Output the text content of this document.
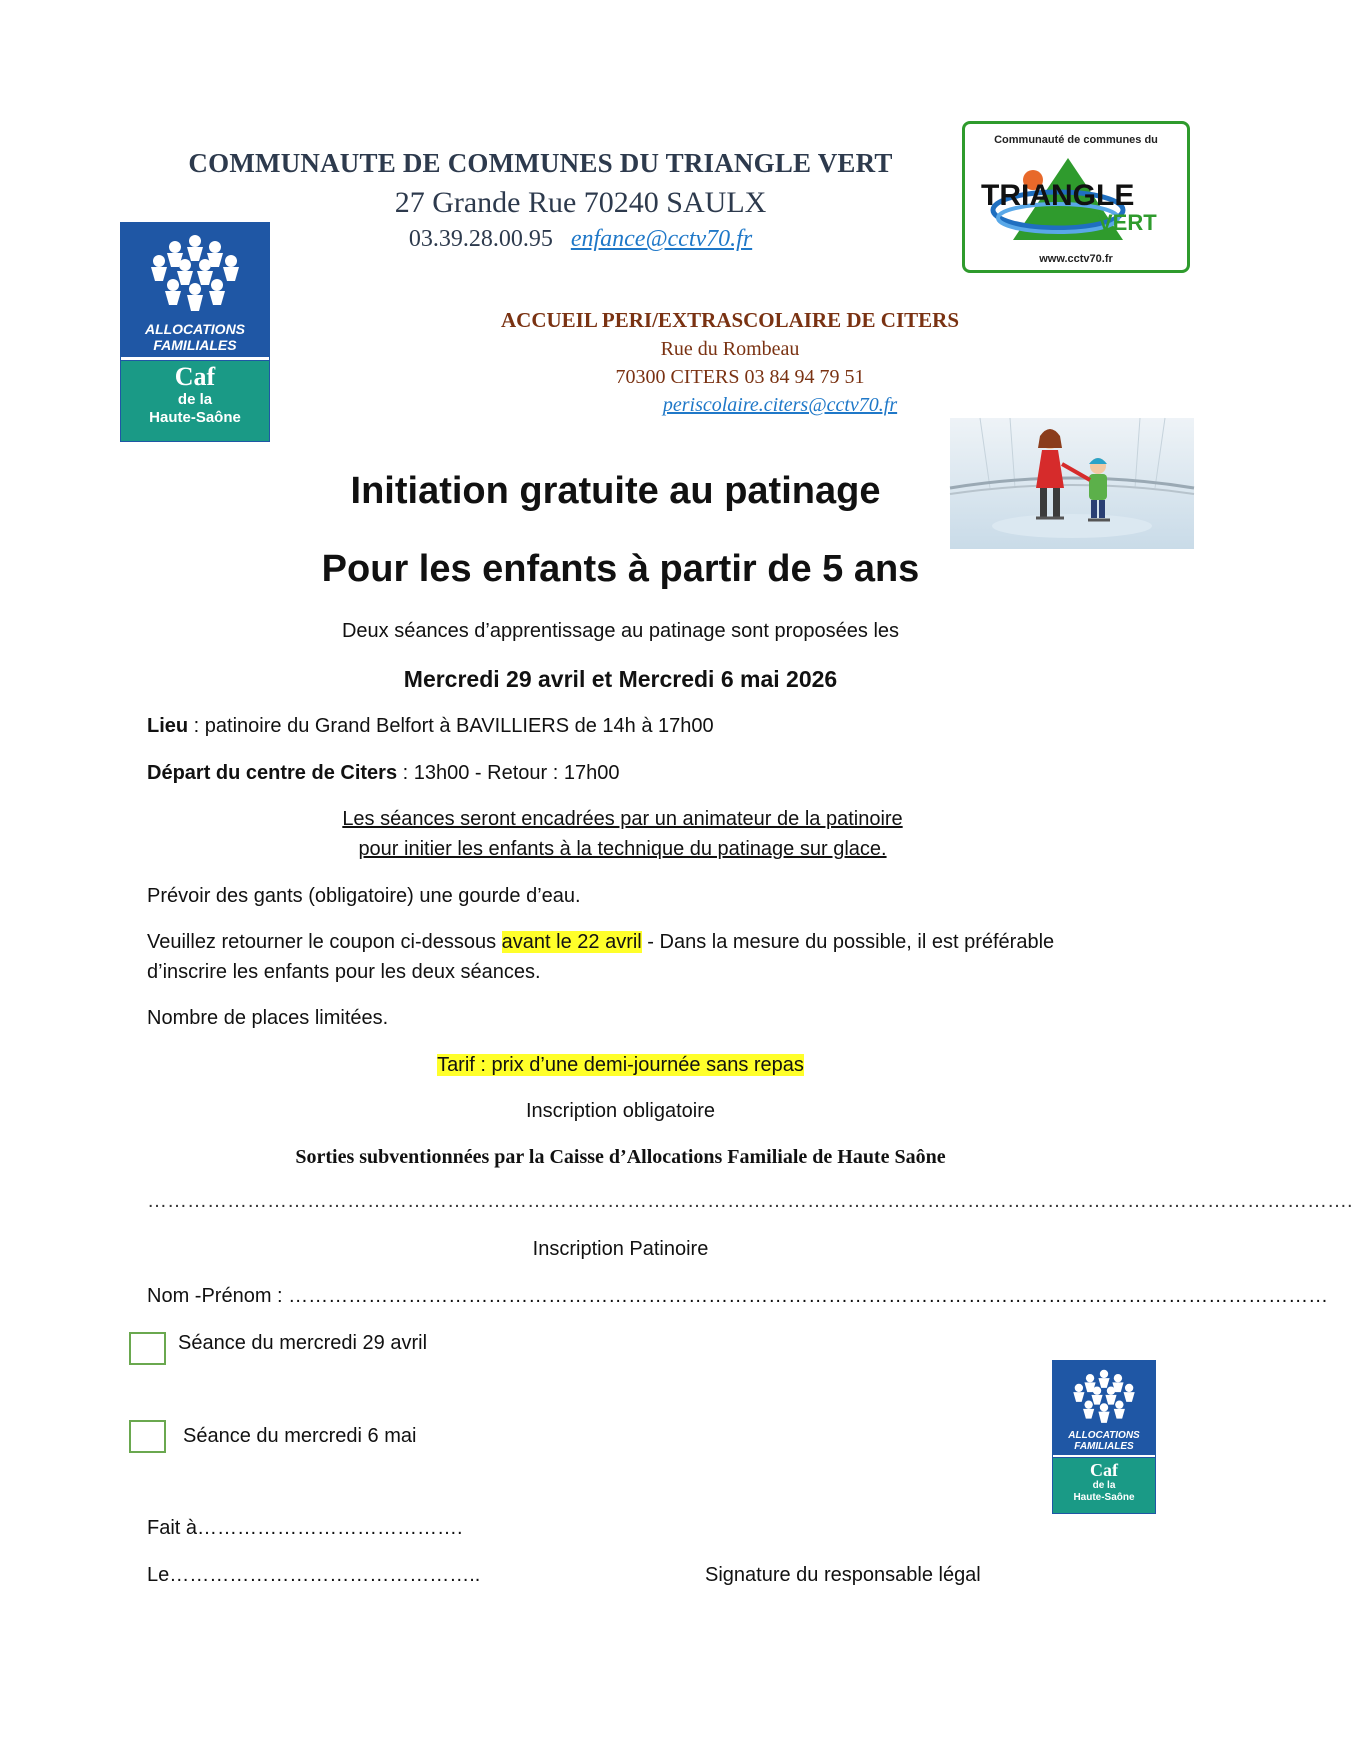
COMMUNAUTE DE COMMUNES DU TRIANGLE VERT
27 Grande Rue 70240 SAULX
03.39.28.00.95 enfance@cctv70.fr
ALLOCATIONS
FAMILIALES
Caf
de la
Haute-Saône
Communauté de communes du
TRIANGLE
VERT
www.cctv70.fr
ACCUEIL PERI/EXTRASCOLAIRE DE CITERS
Rue du Rombeau
70300 CITERS 03 84 94 79 51
periscolaire.citers@cctv70.fr
Initiation gratuite au patinage
Pour les enfants à partir de 5 ans
Deux séances d’apprentissage au patinage sont proposées les
Mercredi 29 avril et Mercredi 6 mai 2026
Lieu : patinoire du Grand Belfort à BAVILLIERS de 14h à 17h00
Départ du centre de Citers : 13h00 - Retour : 17h00
Les séances seront encadrées par un animateur de la patinoire
pour initier les enfants à la technique du patinage sur glace.
Prévoir des gants (obligatoire) une gourde d’eau.
Veuillez retourner le coupon ci-dessous avant le 22 avril - Dans la mesure du possible, il est préférable
d’inscrire les enfants pour les deux séances.
Nombre de places limitées.
Tarif : prix d’une demi-journée sans repas
Inscription obligatoire
Sorties subventionnées par la Caisse d’Allocations Familiale de Haute Saône
……………………………………………………………………………………………………………………………………………………………….
Inscription Patinoire
Nom -Prénom : …………………………………………………………………………………………………………………………………………
Séance du mercredi 29 avril
Séance du mercredi 6 mai	ALLOCATIONS
FAMILIALES
Caf
de la
Haute-Saône
Fait à………………………………….
Le………………………………………..	Signature du responsable légal
